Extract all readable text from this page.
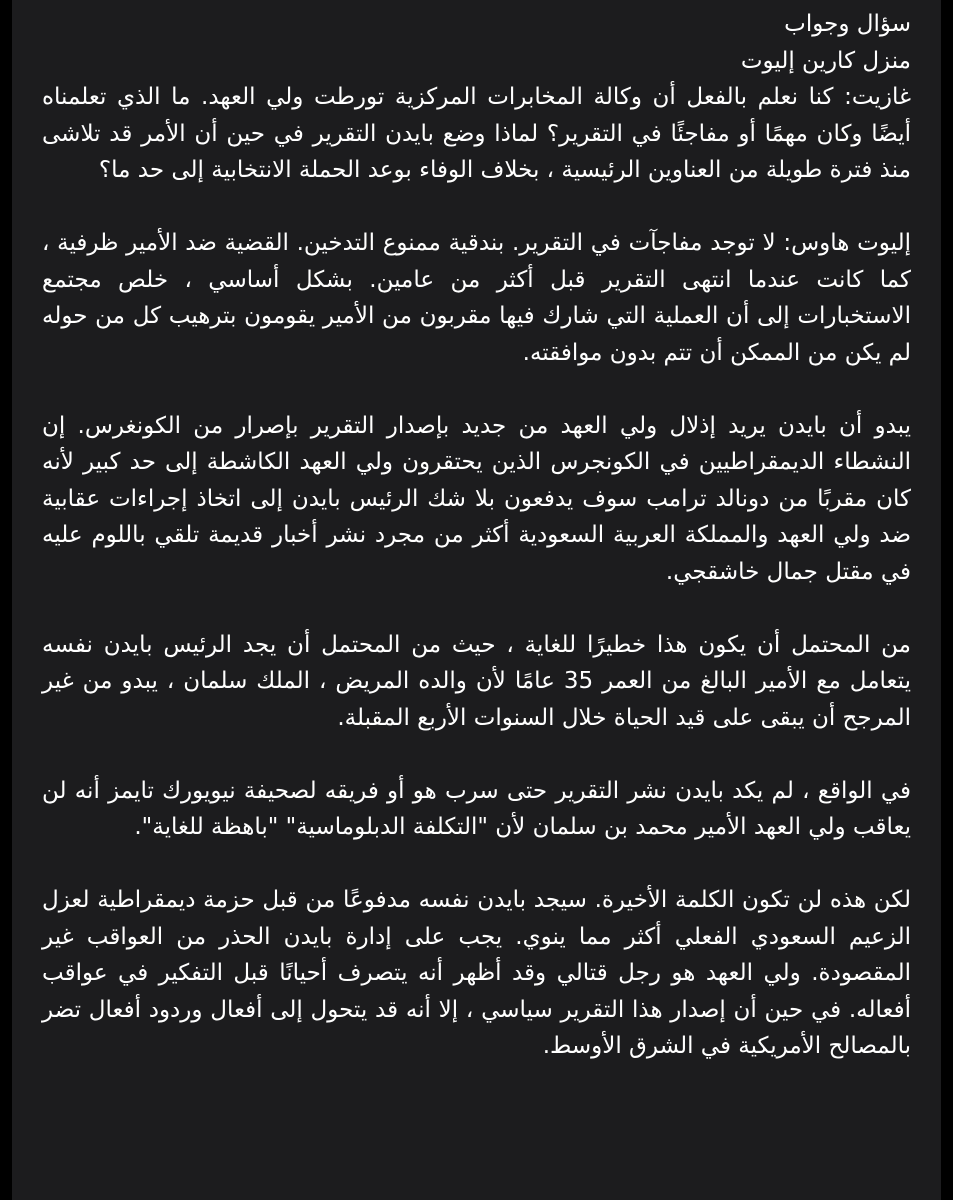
سؤال وجواب
منزل كارين إليوت

غازيت: كنا نعلم بالفعل أن وكالة المخابرات المركزية تورطت ولي العهد. ما الذي تعلمناه أيضًا وكان مهمًا أو مفاجئًا في التقرير؟ لماذا وضع بايدن التقرير في حين أن الأمر قد تلاشى منذ فترة طويلة من العناوين الرئيسية ، بخلاف الوفاء بوعد الحملة الانتخابية إلى حد ما؟

إليوت هاوس: لا توجد مفاجآت في التقرير. بندقية ممنوع التدخين. القضية ضد الأمير ظرفية ، كما كانت عندما انتهى التقرير قبل أكثر من عامين. بشكل أساسي ، خلص مجتمع الاستخبارات إلى أن العملية التي شارك فيها مقربون من الأمير يقومون بترهيب كل من حوله لم يكن من الممكن أن تتم بدون موافقته.

يبدو أن بايدن يريد إذلال ولي العهد من جديد بإصدار التقرير بإصرار من الكونغرس. إن النشطاء الديمقراطيين في الكونجرس الذين يحتقرون ولي العهد الكاشطة إلى حد كبير لأنه كان مقربًا من دونالد ترامب سوف يدفعون بلا شك الرئيس بايدن إلى اتخاذ إجراءات عقابية ضد ولي العهد والمملكة العربية السعودية أكثر من مجرد نشر أخبار قديمة تلقي باللوم عليه في مقتل جمال خاشقجي.

من المحتمل أن يكون هذا خطيرًا للغاية ، حيث من المحتمل أن يجد الرئيس بايدن نفسه يتعامل مع الأمير البالغ من العمر 35 عامًا لأن والده المريض ، الملك سلمان ، يبدو من غير المرجح أن يبقى على قيد الحياة خلال السنوات الأربع المقبلة.

في الواقع ، لم يكد بايدن نشر التقرير حتى سرب هو أو فريقه لصحيفة نيويورك تايمز أنه لن يعاقب ولي العهد الأمير محمد بن سلمان لأن "التكلفة الدبلوماسية" "باهظة للغاية".

لكن هذه لن تكون الكلمة الأخيرة. سيجد بايدن نفسه مدفوعًا من قبل حزمة ديمقراطية لعزل الزعيم السعودي الفعلي أكثر مما ينوي. يجب على إدارة بايدن الحذر من العواقب غير المقصودة. ولي العهد هو رجل قتالي وقد أظهر أنه يتصرف أحيانًا قبل التفكير في عواقب أفعاله. في حين أن إصدار هذا التقرير سياسي ، إلا أنه قد يتحول إلى أفعال وردود أفعال تضر بالمصالح الأمريكية في الشرق الأوسط.
